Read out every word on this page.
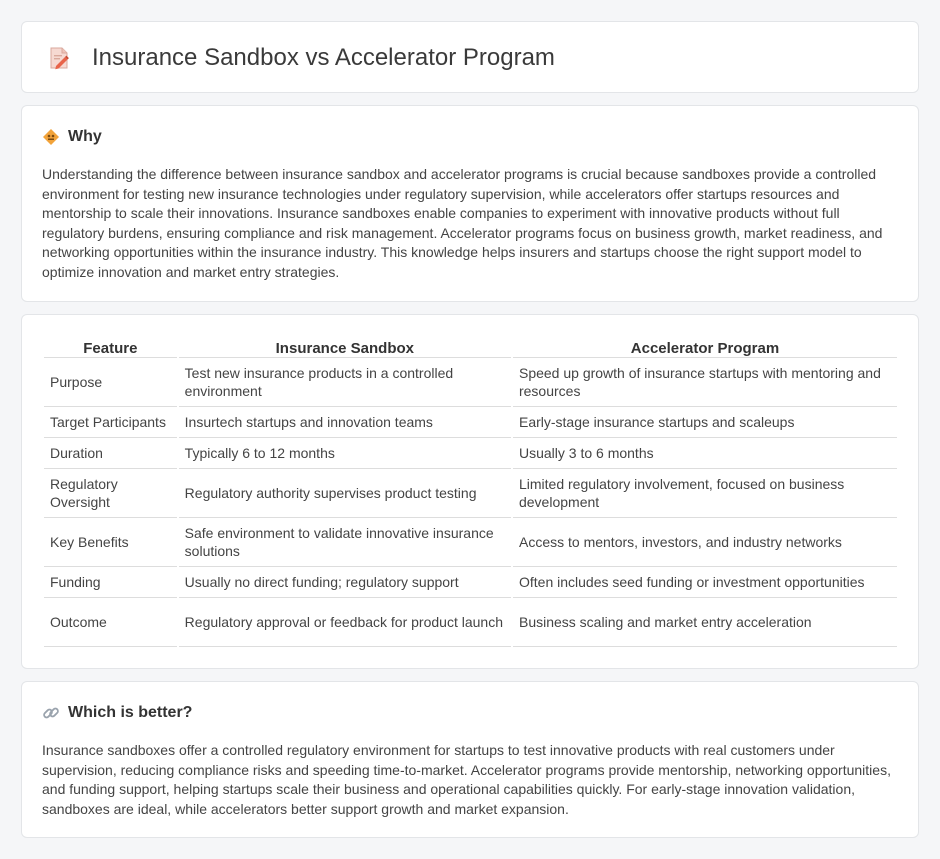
Insurance Sandbox vs Accelerator Program
Why

Understanding the difference between insurance sandbox and accelerator programs is crucial because sandboxes provide a controlled environment for testing new insurance technologies under regulatory supervision, while accelerators offer startups resources and mentorship to scale their innovations. Insurance sandboxes enable companies to experiment with innovative products without full regulatory burdens, ensuring compliance and risk management. Accelerator programs focus on business growth, market readiness, and networking opportunities within the insurance industry. This knowledge helps insurers and startups choose the right support model to optimize innovation and market entry strategies.

Feature	Insurance Sandbox	Accelerator Program
Purpose	Test new insurance products in a controlled environment	Speed up growth of insurance startups with mentoring and resources
Target Participants	Insurtech startups and innovation teams	Early-stage insurance startups and scaleups
Duration	Typically 6 to 12 months	Usually 3 to 6 months
Regulatory Oversight	Regulatory authority supervises product testing	Limited regulatory involvement, focused on business development
Key Benefits	Safe environment to validate innovative insurance solutions	Access to mentors, investors, and industry networks
Funding	Usually no direct funding; regulatory support	Often includes seed funding or investment opportunities
Outcome	Regulatory approval or feedback for product launch	Business scaling and market entry acceleration
Which is better?

Insurance sandboxes offer a controlled regulatory environment for startups to test innovative products with real customers under supervision, reducing compliance risks and speeding time-to-market. Accelerator programs provide mentorship, networking opportunities, and funding support, helping startups scale their business and operational capabilities quickly. For early-stage innovation validation, sandboxes are ideal, while accelerators better support growth and market expansion.
